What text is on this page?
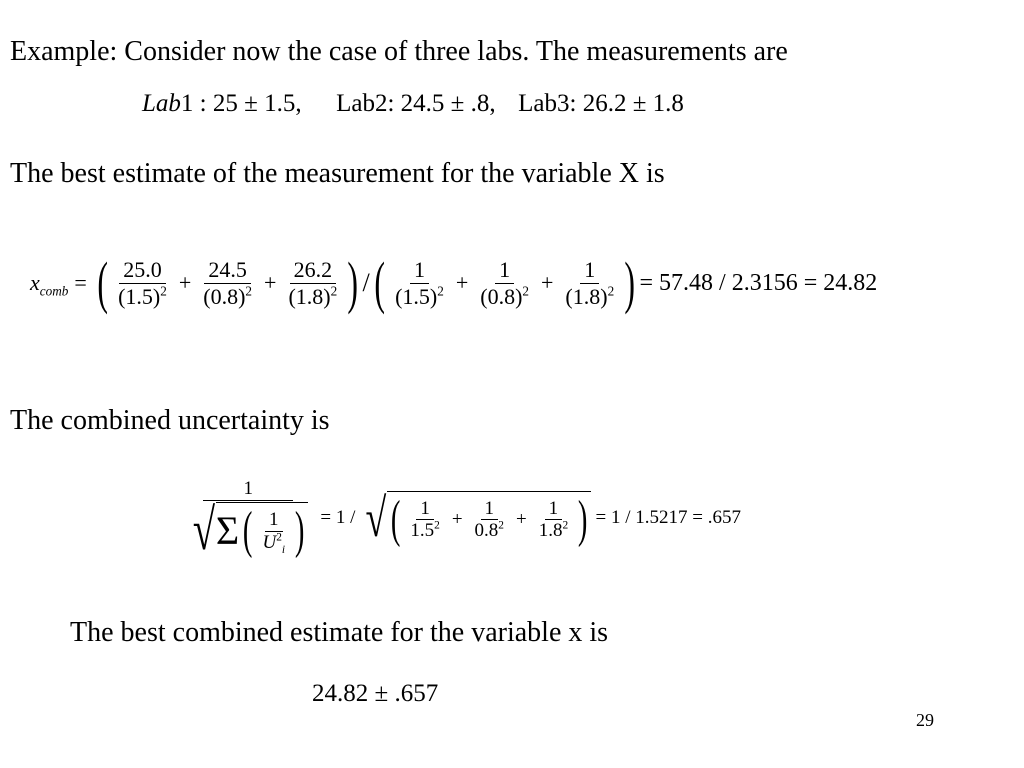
Example: Consider now the case of three labs. The measurements are
Lab1 : 25 ± 1.5, Lab2: 24.5 ± .8, Lab3: 26.2 ± 1.8
The best estimate of the measurement for the variable X is
$x_{comb}$ = ( $\frac{25.0}{(1.5)^2} + \frac{24.5}{(0.8)^2} + \frac{26.2}{(1.8)^2}$ ) / ( $\frac{1}{(1.5)^2} + \frac{1}{(0.8)^2} + \frac{1}{(1.8)^2}$ ) = 57.48 / 2.3156 = 24.82
The combined uncertainty is
1
√ Σ ( $\frac{1}{U^2_i}$ ) = 1 / √ ( $\frac{1}{1.5^2} + \frac{1}{0.8^2} + \frac{1}{1.8^2}$ ) = 1 / 1.5217 = .657
The best combined estimate for the variable x is
24.82 ± .657
29
